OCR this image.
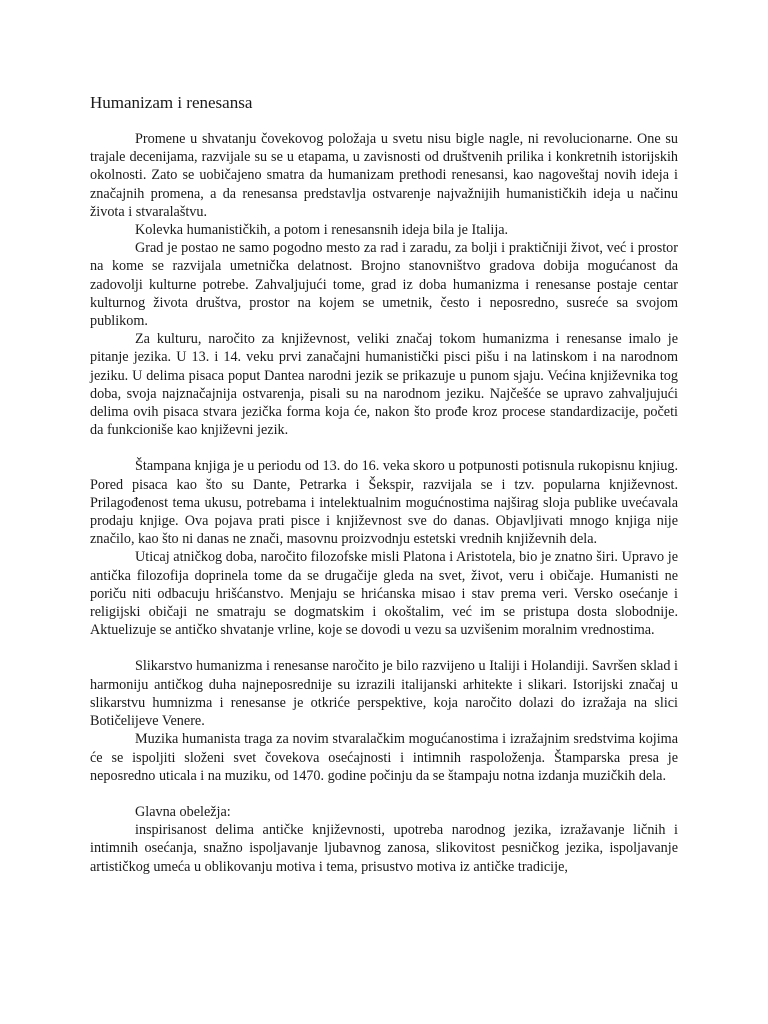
Humanizam i renesansa

Promene u shvatanju čovekovog položaja u svetu nisu bigle nagle, ni revolucionarne. One su trajale decenijama, razvijale su se u etapama, u zavisnosti od društvenih prilika i konkretnih istorijskih okolnosti. Zato se uobičajeno smatra da humanizam prethodi renesansi, kao nagoveštaj novih ideja i značajnih promena, a da renesansa predstavlja ostvarenje najvažnijih humanističkih ideja u načinu života i stvaralaštvu.

Kolevka humanističkih, a potom i renesansnih ideja bila je Italija.

Grad je postao ne samo pogodno mesto za rad i zaradu, za bolji i praktičniji život, već i prostor na kome se razvijala umetnička delatnost. Brojno stanovništvo gradova dobija mogućanost da zadovolji kulturne potrebe. Zahvaljujući tome, grad iz doba humanizma i renesanse postaje centar kulturnog života društva, prostor na kojem se umetnik, često i neposredno, susreće sa svojom publikom.

Za kulturu, naročito za književnost, veliki značaj tokom humanizma i renesanse imalo je pitanje jezika. U 13. i 14. veku prvi zanačajni humanistički pisci pišu i na latinskom i na narodnom jeziku. U delima pisaca poput Dantea narodni jezik se prikazuje u punom sjaju. Većina književnika tog doba, svoja najznačajnija ostvarenja, pisali su na narodnom jeziku. Najčešće se upravo zahvaljujući delima ovih pisaca stvara jezička forma koja će, nakon što prođe kroz procese standardizacije, početi da funkcioniše kao književni jezik.

Štampana knjiga je u periodu od 13. do 16. veka skoro u potpunosti potisnula rukopisnu knjiug. Pored pisaca kao što su Dante, Petrarka i Šekspir, razvijala se i tzv. popularna književnost. Prilagođenost tema ukusu, potrebama i intelektualnim mogućnostima najširag sloja publike uvećavala prodaju knjige. Ova pojava prati pisce i književnost sve do danas. Objavljivati mnogo knjiga nije značilo, kao što ni danas ne znači, masovnu proizvodnju estetski vrednih književnih dela.

Uticaj atničkog doba, naročito filozofske misli Platona i Aristotela, bio je znatno širi. Upravo je antička filozofija doprinela tome da se drugačije gleda na svet, život, veru i običaje. Humanisti ne poriču niti odbacuju hrišćanstvo. Menjaju se hrićanska misao i stav prema veri. Versko osećanje i religijski običaji ne smatraju se dogmatskim i okoštalim, već im se pristupa dosta slobodnije. Aktuelizuje se antičko shvatanje vrline, koje se dovodi u vezu sa uzvišenim moralnim vrednostima.

Slikarstvo humanizma i renesanse naročito je bilo razvijeno u Italiji i Holandiji. Savršen sklad i harmoniju antičkog duha najneposrednije su izrazili italijanski arhitekte i slikari. Istorijski značaj u slikarstvu humnizma i renesanse je otkriće perspektive, koja naročito dolazi do izražaja na slici Botičelijeve Venere.

Muzika humanista traga za novim stvaralačkim mogućanostima i izražajnim sredstvima kojima će se ispoljiti složeni svet čovekova osećajnosti i intimnih raspoloženja. Štamparska presa je neposredno uticala i na muziku, od 1470. godine počinju da se štampaju notna izdanja muzičkih dela.

Glavna obeležja:

inspirisanost delima antičke književnosti, upotreba narodnog jezika, izražavanje ličnih i intimnih osećanja, snažno ispoljavanje ljubavnog zanosa, slikovitost pesničkog jezika, ispoljavanje artističkog umeća u oblikovanju motiva i tema, prisustvo motiva iz antičke tradicije,
